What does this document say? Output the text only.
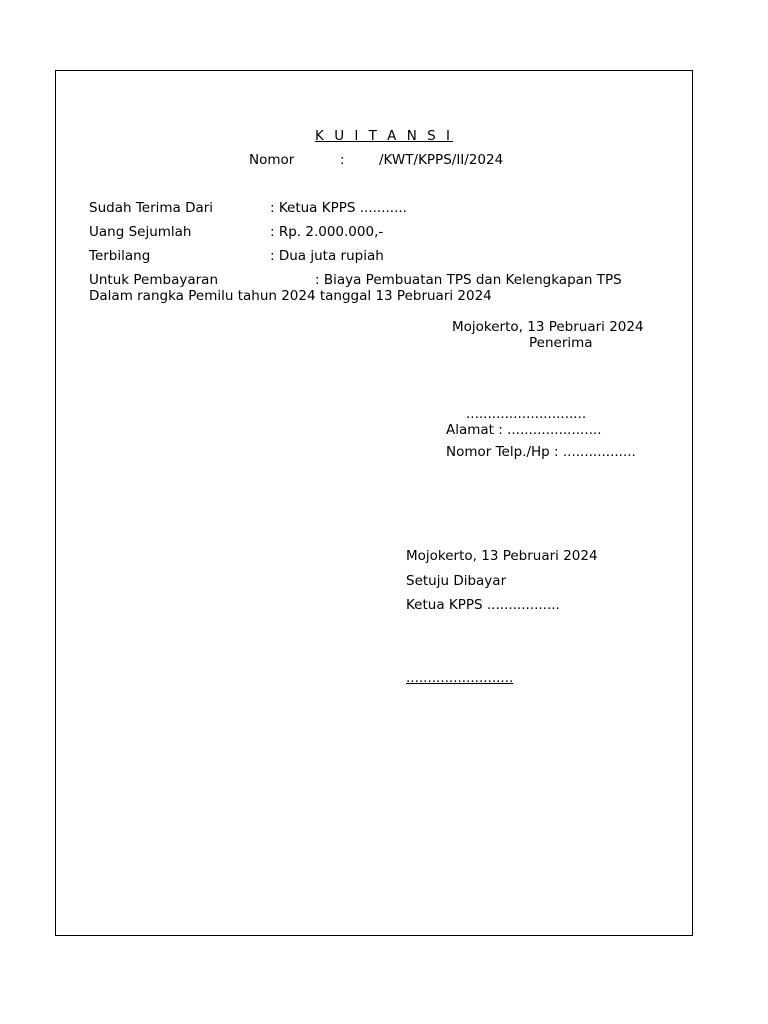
K U I T A N S I

Nomor	:	/KWT/KPPS/II/2024

Sudah Terima Dari	: Ketua KPPS ...........

Uang Sejumlah	: Rp. 2.000.000,-

Terbilang	: Dua juta rupiah

Untuk Pembayaran	: Biaya Pembuatan TPS dan Kelengkapan TPS

Dalam rangka Pemilu tahun 2024 tanggal 13 Pebruari 2024

Mojokerto, 13 Pebruari 2024

Penerima

............................

Alamat : ......................

Nomor Telp./Hp : .................

Mojokerto, 13 Pebruari 2024

Setuju Dibayar

Ketua KPPS .................

.........................
